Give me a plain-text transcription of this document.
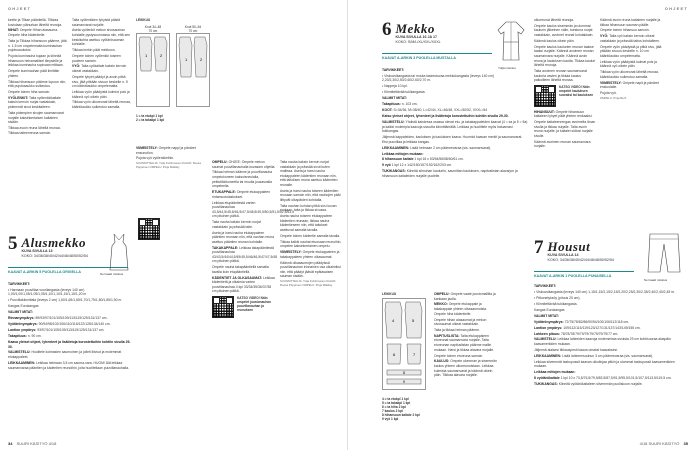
OHJEET

keelle ja Tilkan pääntiellä. Tilkkaa kuviolaan ylänurkan läheltä reunoja.

NIHAT: Ompele Hihan alasauma. Ompele hiha kädentielle.

Taita ja Tilkkaa hihansuun päärme, jätä n. 1,5 cm ompelematta kuminauhan pujotusaukoksi.

Pujota kuminauha kujaan ja kiinnitä hihansuun helvamallisel tiinyslelle ja leikkaa kuminauha sopivaan mittaan.

Ompele kuminauhan päät limittäin yhteen.

Tilkkaa hihansuun päärme lopoun niin, että pujotusaukko sulkeutuu.

Ompele toinen hiha samoin.

VYÖLENKIT: Taita vyölenkkikaitale kaksin kerroin nurjat vastakkain, pidemmät sivut keskitaiteen.

Taita pidempien sivujen saumanvarat nurjalle kaksinkertaisen kaitaleen sisään.

Tilkkaa avoin reuna läheltä reunaa. Tilkkaa taiteenreuna samoin.

Taita vyölenkkien lyhyistä päistä saumanvarat nurjalle.

Aseta vyölenkit mekon sivusauman kohdalle pystysuunnassa niin, että sen keskikohta asettuu vyötärösauman kohdalle.

Tilkkaa lenkin päät mekkoon.

Ompele toinen vyölenkki toiseen puoleen samoin.

VYÖ: Taita vyökaitale kaksin kerroin oikeat vastakkain.

Ompele lyhyet päädyt ja avoin pitkä sivu, jätä pitkään sivuun keskelle n. 5 cm kääntöaukko ompelematta.

Leikkaa vyön päädyistä kulmiot pois ja käännä vyö oikein päin.

Tilkkaa vyön ulkoreunat läheltä reunaa, kääntöaukko sulkeutuu samalla.

LEIKKUU
Koot 34–48
70 cm
1	2
Koot 50–54
70 cm
1	2
1 = ta etukpl 1 kpl
2 = ta takakpl 1 kpl

VIIMEISTELY: Ompele nappi ja pänäret ensunutlon.

Pujota vyö vyölenkkeihin.

SUUNNITTELIJA: Tuija Kulnhmanen KAAVA: Roosa Pöppönen OMPELU: Pinja Mäkilay

OMPELU: OHJEE: Ompele mekon saumat puuvillanauhalla kuvasam ohjeilla.

Tilkkaa helman käänne ja puuvillanauha ompelukoneen kaksoisneulalla, peittotikkikoneella tai muulla jousasvalla ompeleella.

ETUKAPPALE: Ompele etukappaleen rintamuotolaskokset.

Leikkaa etupääntiestä varten puuvillanauhaa 43,5/44,5/45,5/46,5/47,5/48,5/49,5/50,5/51,5/52,5/53,5 cm pituinen pätkä.

Taita nauha kaksin kerroin nurjat vastakkain ja prässää taite.

Aseta ja harsi nauha etukappaleen pääntien reunaan niin, että nauhan reuna asettuu pääntien reunan kohdalle.

TAKAKAPPALE: Leikkaa takapääntiestä puuvillanauhaa 43/43,5/44/44,5/45/45,5/46/46,5/47/47,5/48 cm pituinen pätkä.

Ompele nauha takapääntiellä samalla tavalla kuin etupääntiellä.

KÄDENTIET JA OLKASAUMAT: Leikkaa kädentietä ja olkaimia varten puuvillanauhaa 4 kpl 33/34/35/36/37/38 cm pituinen pätkä.

KATSO VIDEO! Näin ompelet joustonauhan puuvillanauhan ja reunuksen

Taita nauha kaksin kerroin nurjat vastakkain ja prässää sivut kuten mallissa. Aseta ja harsi nauha etukappaleen kädentien reunaan niin, että taitoksen reuna asettuu kädentien reunalle.

Aseta ja harsi nauha toiseen kädentien reunaan samoin niin, että nauhojen päät liittyvät olkapäiden kohdalla.

Taita nauhan kohdan pitkä sivu kuvan mukaan, taita ja tikkaa sivussa.

Aseta nauha toiseen etukappaleen kädentien reunaan, tikkaa nauha kädentieseen niin, että taitokset asettuvat samalla tavalla.

Ompele toinen kädentie samalla tavalla.

Tikkaa kaikki nauhat etuosaan reunoihin, ompelee kaksinkertainen ompelu.

VIIMEISTELY: Ompele etukappaleen ja takakappaleen yhteen olkasaumat.

Käännä olkasaumojen päädyissä puuvillanauhan irtonainen osa olkaimiksi niin, että päädyt jäävät epätasaisen sauman sisään.

SUUNNITTELIJA: Tuija Kulnhmanen KAAVA: Roosa Pöppönen OMPELU: Pinja Mäkilay

5 Alusmekko
KUVA SIVULLA 13
KOKO: 34/36/38/40/42/44/46/48/50/52/54
KAAVAT A-ARKIN 5 PUOLELLA ORIGELLA	Normaali mitoitus

TARVIKKEET:

• Harmaan puuvillaa voorilangasta (leveys 140 cm) 1,00/1,00/1,05/1,05/1,05/1,10/1,10/1,15/1,15/1,20 m

• Puuvillakiinnittala (leveys 2 cm) 1,60/1,65/1,65/1,70/1,75/1,80/1,85/1,90 m

Kangas Eurokangas

VALMIIT MITAT:

Rinnanympärys: 89/93/97/101/105/109/113/119/125/131/137 cm.

Vyötärönympärys: 90/94/98/102/106/110/116/122/128/134/140 cm.

Lantion ympärys: 93/97/101/105/109/113/119/125/131/137 cm.

Takapituus: n. 90 cm.

Kaava yleiset ohjeet, lyhenteet ja lisätietoja korostettuihin kohtiin sivulla 29-30.

VALMISTELU: Huolitele kolmasien saumoinen ja jolleti liisivut ja molemmat etukappaleet.

LEIKKAAMINEN: Leikkaa helmaan 3,5 cm sauma-vara. HUOM! Älä leikkaa saumanvaraa pääntien ja kädentien reunoihin, joita huolitellaan puuvillanauhalla.

34 SUURI KÄSITYÖ 4/18
OHJEET
6 Mekko
KUVA SIVULLA 16 JA 17
KOKO: S/M/L/XL/XXL/XXXL
KAAVAT A-ARKIN 3 PUOLELLA MUSTALLA
Yöljä mitoitus

TARVIKKEET:

• Viskoosikangasta tai muuta laskeutuvaa mekkokangasta (leveys 140 cm) 2,20/2,30/2,50/2,60/2,60/2,70 m.

• Nappeja 10 kpl.

• Kiinnitettävää tukikangasta.

VALMIIT MITAT:

Takapituus: n. 103 cm.

KOOT: S=34/36, M=38/40, L=42/44, XL=46/48, XXL=50/52, XXXL=54

Katso yleiset ohjeet, lyhenteet ja lisätietoja korostettuihin kohtiin sivulla 29-30.

VALMISTELU: Yhdistä kahdessa osassa olevat etu- ja takakappaleiden kaavat (4 = sa ja 5 = 5a) ja kaikki molempia kaavoja sivuutta kiinnittämällä. Leikkaa ja huolittele myös haluamasi tukikangas.

Jäljennä kappaleiden, kauluksen ja kauluksen kaava. Huomioi kaavan merkit ja saumanvarat. Etsi puuvillaa ja leikkaa kangas.

LEIKKAAMINEN: Lisää helmaan 2 cm päärmevaraa (sis. saumanvarat).

Leikkaa mittojen mukaan:

8 hihansuun kaitale 1 kpl 16 x 53/54/56/58/60/61 cm.

9 vyö 1 kpl 12 x 142/150/157/192/162/203 cm.

TUKIKANGAS: Kiinnitä silmuhan kauluriin, saumittan kauluksen, napituslistan alavarjon ja hihansuun kaitaleiden nurjalle puolelle.

LEIKKUU
4	5
6	7
8
9
4 = ta etukpl 1 kpl
5 = ta takakpl 1 kpl
6 = ta hiha 2 kpl
7 kaulus 2 kpl
8 hihansuun kaitale 2 kpl
9 vyö 1 kpl

OMPELU: Ompele vaate joustomallilla ja kankaan jaolla.

MEKKO: Ompele etukappale ja takakappale yhteen olkasaumoista. Ompele hiha kädentielle.

Ompele hihan alasaumat ja mekon sivusaumat oikeat vastakkain.

Taita ja tikkaa helman päärme.

NAPITUSLISTA: Taita etukappaleen etureunat saumanvara nurjalle. Taita etureunan napituslistan päärme mallin mukaan. Harsi ja tikkaa alavara nurjalle.

Ompele toinen etureuna samoin.

KAULUS: Ompele ulomman ja sisemmän kaulus yhteen ulkoreunoistaan. Leikkaa kulmista saumanvarat ja käännä oikein päin. Tilkkaa alavara nurjalle.

ulkoreunat läheltä reunoja.

Ompele kaulus sisemmän ja ulommat kaulurin jälkeinen välin, tuestuna nurjat vastakkain, avoimet reunat kohdakkain.

Käännä kaulus oikein päin.

Ompele kaulus kaulurien reunan taakse taaksi nurjalle. Käännä avoimen reunan saumanvara nurjalle. Käännä avoin reuna ja kauluksen kautta. Tikkaa kauluri läheltä reunoja.

Taita avoimen reunan saumanvarat kauluria vasten ja tikkaa kaulus paikoilleen läheltä reunaa.

KATSO VIDEO! Näin ompelet kauluksen suoraksi tai kauluksen

HIHANSUUT: Ompele hihansuun kaitaleen lyhyet päät yhteen renkaaksi.

Ompele kaitaleenrengas avoimelta ilman sivulla ja tikkaa nurjalle. Taita avoin reuna nurjalle, ja kaitalei sidiosi nurjalle sivulle.

Käännä avoimen reunan saumanvara nurjalle.

Käännä avoin reuna kaitaleen nurjalle ja tikkaa hihansuun sauman päälle.

Ompele toinen hihansuu samoin.

VYÖ: Taita vyö kaksin kerroin oikeat vastakkain ja prässää taitos kohdalleen.

Ompele vyön päädyistä ja pitkä sivu, jätä pitkään sivuun keskelle n. 10 cm kääntöaukko ompelematta.

Leikkaa vyön päädyistä kulmat pois ja käännä vyö oikein päin.

Tilkkaa vyön ulkoreunat läheltä reunaa, kääntöaukko sulkeutuu samalla.

VIIMEISTELY: Ompele napit ja pänäret ensiuolatle.

Pujota vyö.

OMPELU: Pinja Berh

7 Housut
KUVA SIVULLA 14
KOKO: 34/36/38/40/42/44/46/48/50/52/54
KAAVAT A-ARKIN 1 PUOLELLA PUNAISELLA
Normaali mitoitus

TARVIKKEET:

• Viskoosikangasta (leveys 140 cm) 1,15/1,15/2,15/2,15/2,20/2,25/2,30/2,35/2,40/2,40/2,45 m.

• Pitkonetyksöy (pituus 20 cm).

• Kiinnitettävää tukikangasta.

Kangas Eurokangas

VALMIIT MITAT:

Vyötärönympärys: 72/75/78/82/86/90/94/100/106/112/118 cm.

Lantion ympärys: 109/112/115/119/123/127/131/137/143/149/155 cm.

Lahkeen pituus: 78/78/78/79/79/79/79/79/79/79/77 cm.

VALMISTELU: Leikkaa lahkeiden kaavoja molemmista sivuista 29 cm kohtisuoraa alaspäin kaavamerkkien mukaan.

Jäljennä alaisesi tikkauspesti kaava omaksi kaavaksesi.

LEIKKAAMINEN: Lisää lahkeensuuhun 3 cm päärmevaraa (sis. saumanvarat).

Leikkaa siivemmät taskupussit kaavan ulkolinjaa pitkin ja ulommat taskupussit kaavamerkkien mukaan.

Leikkaa mittojen mukaan:

8 vyötärökaitale 1 kpl 10 x 73,5/76,5/79,5/83,5/87,5/91,5/95,5/101,5/107,5/113,5/119,5 cm.

TUKIKANGAS: Kiinnitä vyötärökaitaleen siivemmän puoliskoon nurjalle.

4/18 SUURI KÄSITYÖ 35
